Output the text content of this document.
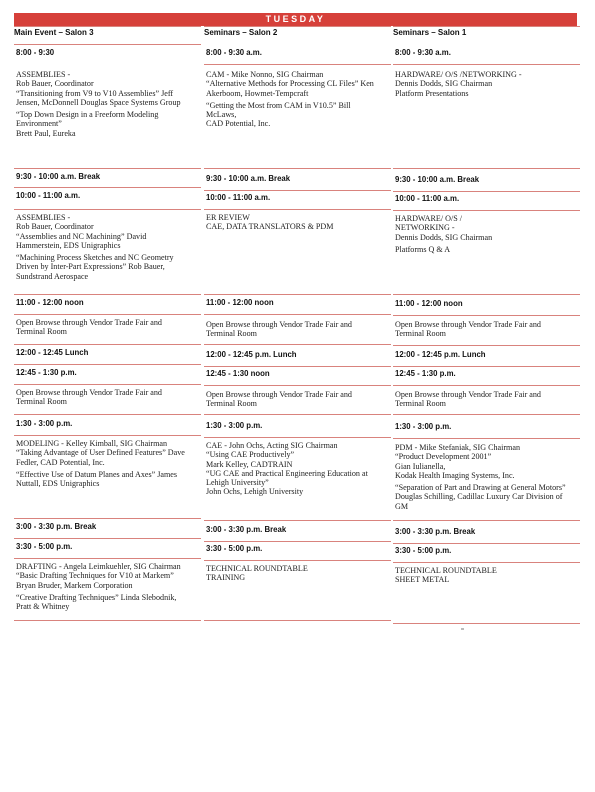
TUESDAY
Main Event – Salon 3
8:00 - 9:30
ASSEMBLIES -
Rob Bauer, Coordinator
“Transitioning from V9 to V10 Assemblies” Jeff Jensen, McDonnell Douglas Space Systems Group
“Top Down Design in a Freeform Modeling Environment”
Brett Paul, Eureka
9:30 - 10:00 a.m. Break
10:00 - 11:00 a.m.
ASSEMBLIES -
Rob Bauer, Coordinator
“Assemblies and NC Machining” David Hammerstein, EDS Unigraphics
“Machining Process Sketches and NC Geometry Driven by Inter-Part Expressions” Rob Bauer, Sundstrand Aerospace
11:00 - 12:00 noon
Open Browse through Vendor Trade Fair and Terminal Room
12:00 - 12:45 Lunch
12:45 - 1:30 p.m.
Open Browse through Vendor Trade Fair and Terminal Room
1:30 - 3:00 p.m.
MODELING - Kelley Kimball, SIG Chairman
“Taking Advantage of User Defined Features” Dave Fedler, CAD Potential, Inc.
“Effective Use of Datum Planes and Axes” James Nuttall, EDS Unigraphics
3:00 - 3:30 p.m. Break
3:30 - 5:00 p.m.
DRAFTING - Angela Leimkuehler, SIG Chairman
“Basic Drafting Techniques for V10 at Markem” Bryan Bruder, Markem Corporation
“Creative Drafting Techniques” Linda Slebodnik, Pratt & Whitney
Seminars – Salon 2
8:00 - 9:30 a.m.
CAM - Mike Nonno, SIG Chairman
“Alternative Methods for Processing CL Files” Ken Akerboom, Howmet-Tempcraft
“Getting the Most from CAM in V10.5” Bill McLaws,
CAD Potential, Inc.
9:30 - 10:00 a.m. Break
10:00 - 11:00 a.m.
ER REVIEW
CAE, DATA TRANSLATORS & PDM
11:00 - 12:00 noon
Open Browse through Vendor Trade Fair and Terminal Room
12:00 - 12:45 p.m. Lunch
12:45 - 1:30 noon
Open Browse through Vendor Trade Fair and Terminal Room
1:30 - 3:00 p.m.
CAE - John Ochs, Acting SIG Chairman
“Using CAE Productively”
Mark Kelley, CADTRAIN
“UG CAE and Practical Engineering Education at Lehigh University”
John Ochs, Lehigh University
3:00 - 3:30 p.m. Break
3:30 - 5:00 p.m.
TECHNICAL ROUNDTABLE
TRAINING
Seminars – Salon 1
8:00 - 9:30 a.m.
HARDWARE/ O/S /NETWORKING -
Dennis Dodds, SIG Chairman
Platform Presentations
9:30 - 10:00 a.m. Break
10:00 - 11:00 a.m.
HARDWARE/ O/S /
NETWORKING -
Dennis Dodds, SIG Chairman
Platforms Q & A
11:00 - 12:00 noon
Open Browse through Vendor Trade Fair and Terminal Room
12:00 - 12:45 p.m. Lunch
12:45 - 1:30 p.m.
Open Browse through Vendor Trade Fair and Terminal Room
1:30 - 3:00 p.m.
PDM - Mike Stefaniak, SIG Chairman
“Product Development 2001”
Gian Iulianella,
Kodak Health Imaging Systems, Inc.
“Separation of Part and Drawing at General Motors” Douglas Schilling, Cadillac Luxury Car Division of GM
3:00 - 3:30 p.m. Break
3:30 - 5:00 p.m.
TECHNICAL ROUNDTABLE
SHEET METAL
